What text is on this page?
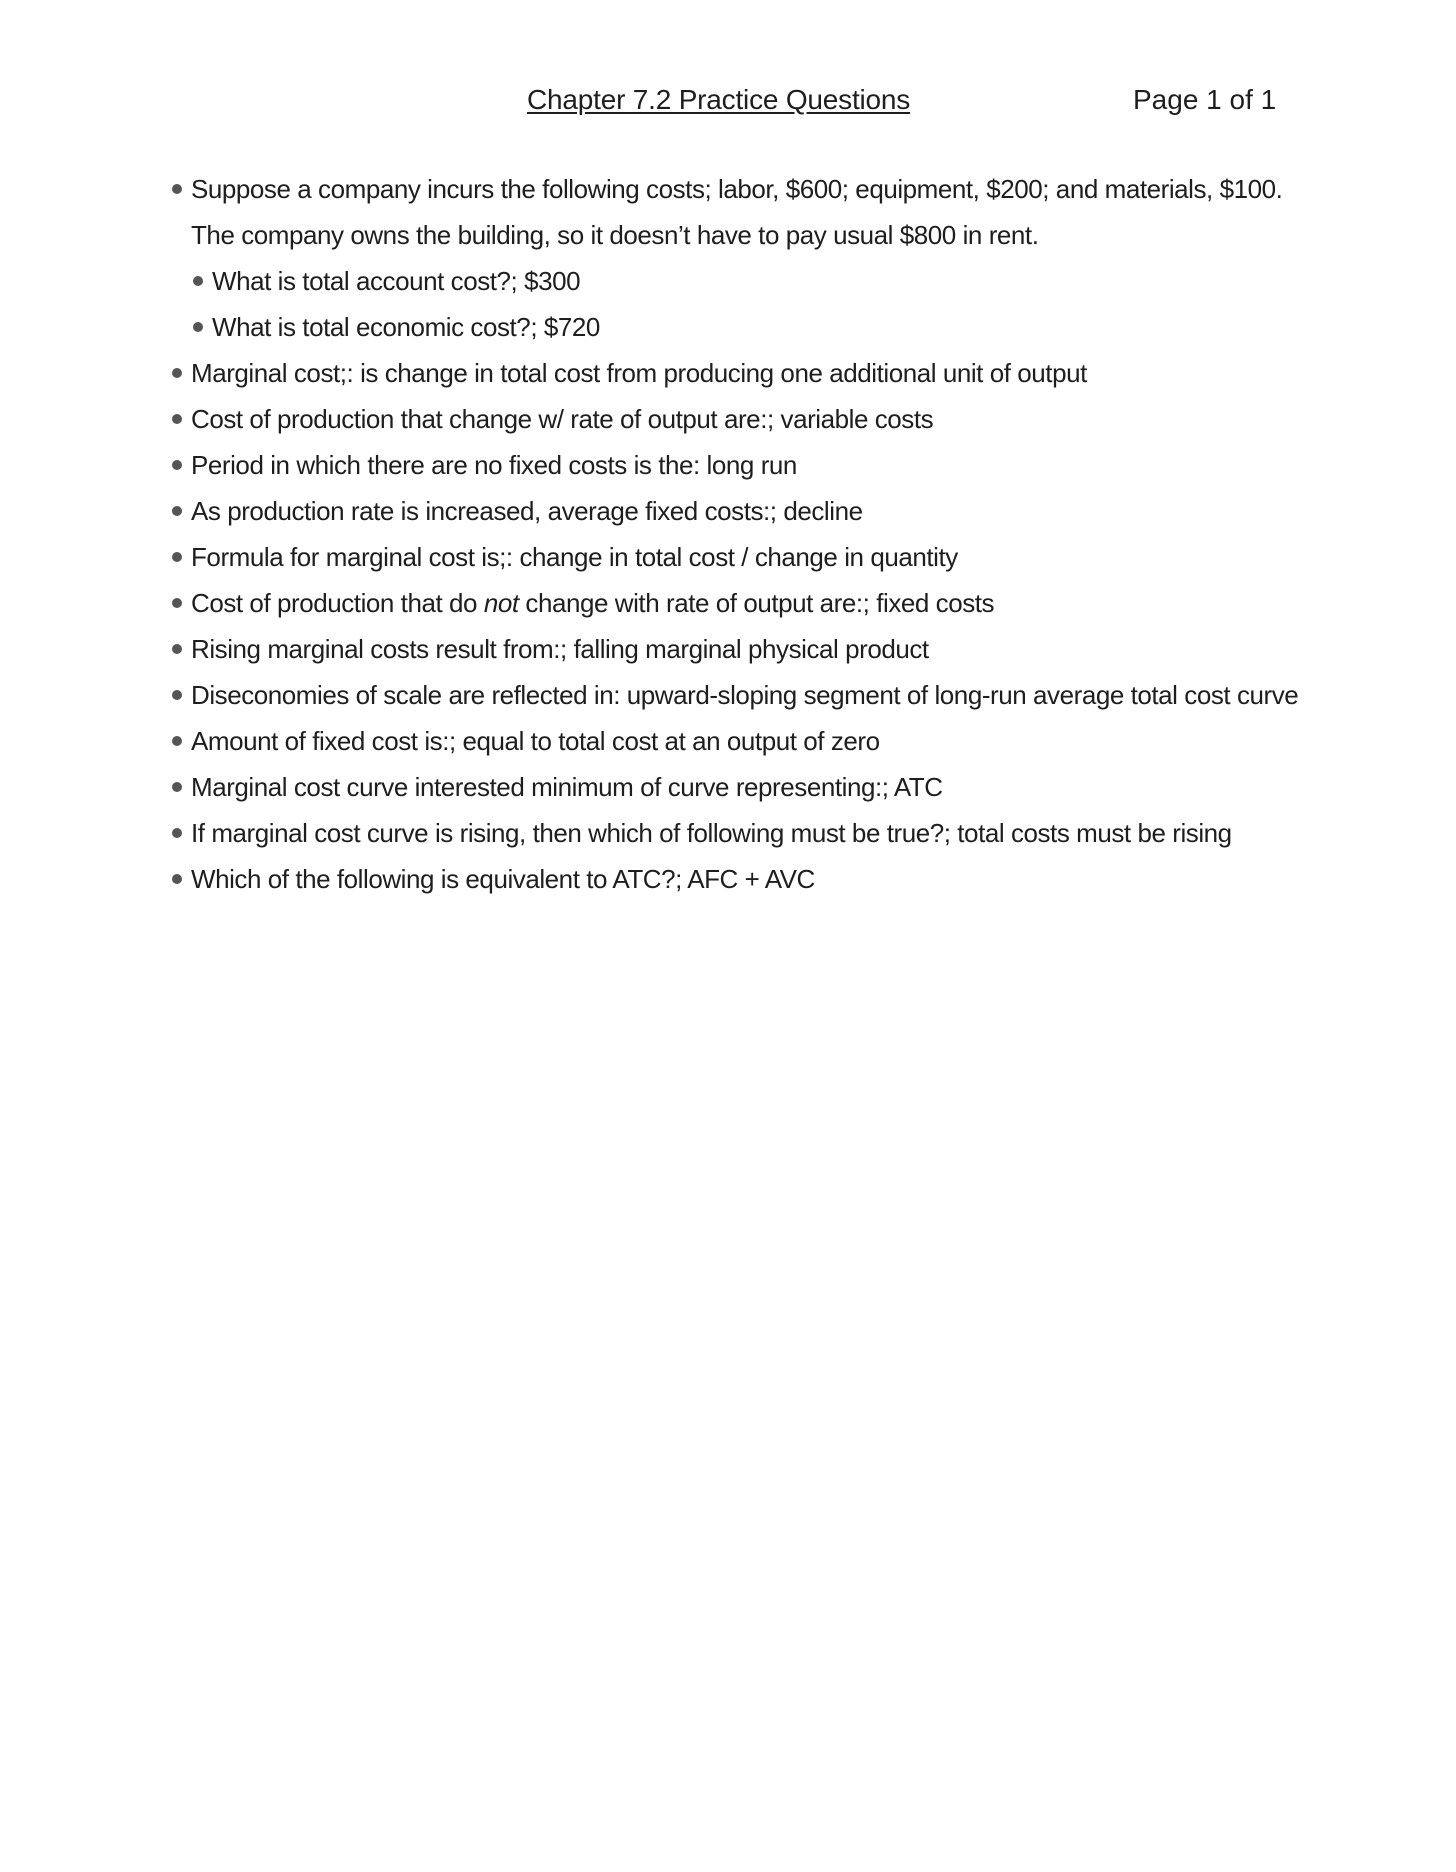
Chapter 7.2 Practice Questions	Page 1 of 1
Suppose a company incurs the following costs; labor, $600; equipment, $200; and materials, $100. The company owns the building, so it doesn’t have to pay usual $800 in rent.
What is total account cost?; $300
What is total economic cost?; $720
Marginal cost;: is change in total cost from producing one additional unit of output
Cost of production that change w/ rate of output are:; variable costs
Period in which there are no fixed costs is the: long run
As production rate is increased, average fixed costs:; decline
Formula for marginal cost is;: change in total cost / change in quantity
Cost of production that do not change with rate of output are:; fixed costs
Rising marginal costs result from:; falling marginal physical product
Diseconomies of scale are reflected in: upward-sloping segment of long-run average total cost curve
Amount of fixed cost is:; equal to total cost at an output of zero
Marginal cost curve interested minimum of curve representing:; ATC
If marginal cost curve is rising, then which of following must be true?; total costs must be rising
Which of the following is equivalent to ATC?; AFC + AVC
